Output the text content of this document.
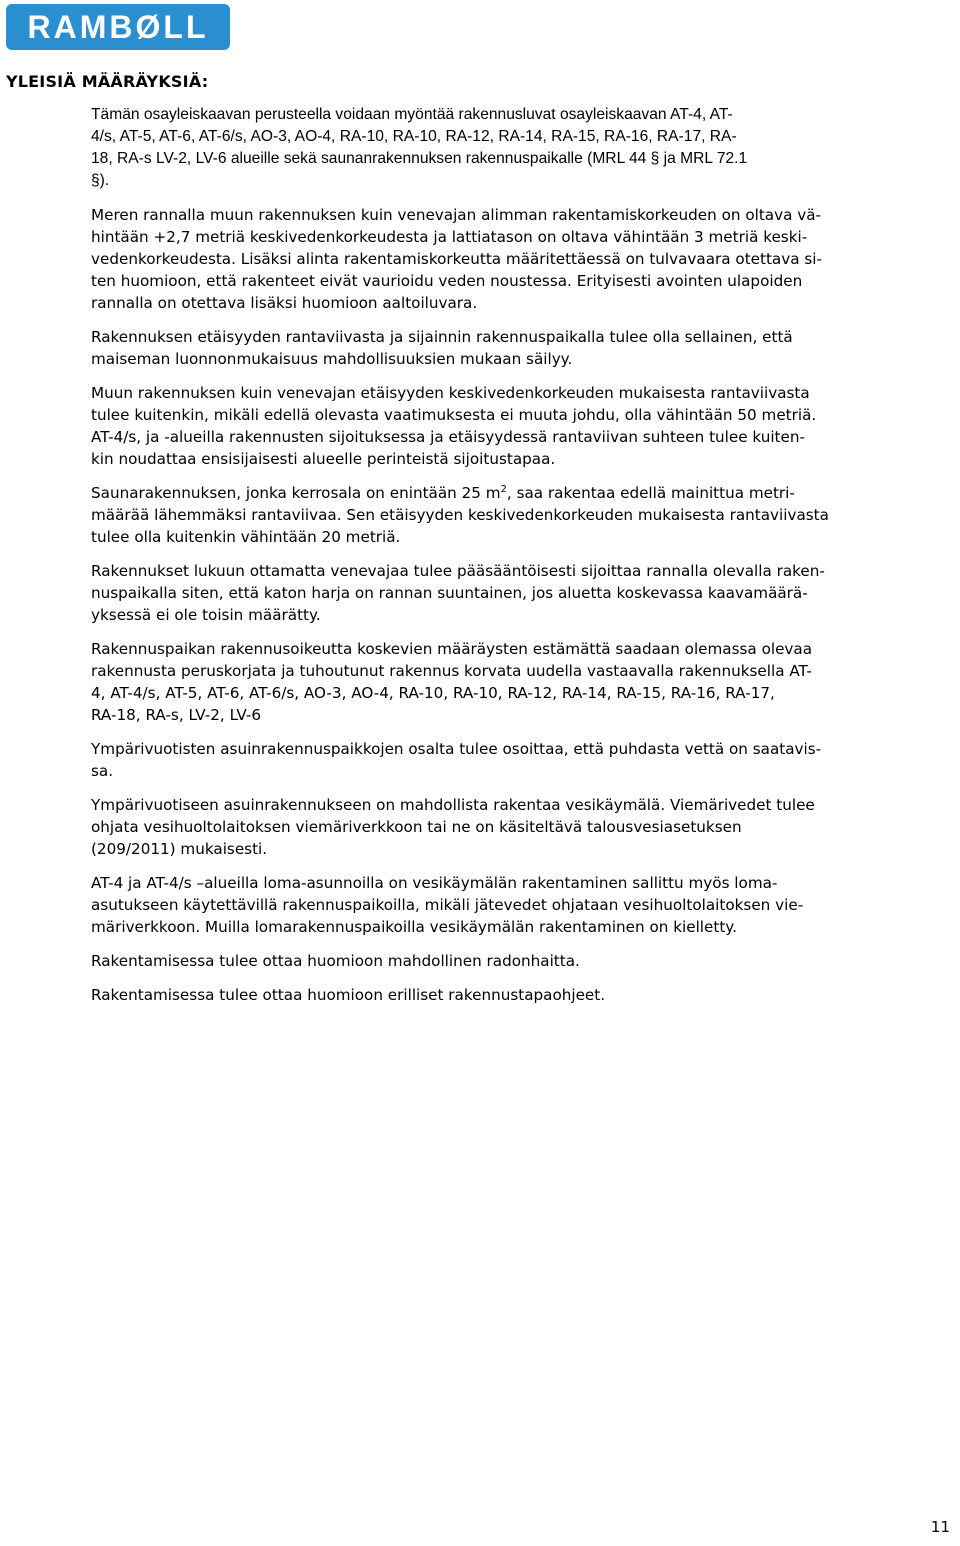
RAMBØLL
YLEISIÄ MÄÄRÄYKSIÄ:

Tämän osayleiskaavan perusteella voidaan myöntää rakennusluvat osayleiskaavan AT-4, AT-
4/s, AT-5, AT-6, AT-6/s, AO-3, AO-4, RA-10, RA-10, RA-12, RA-14, RA-15, RA-16, RA-17, RA-
18, RA-s LV-2, LV-6 alueille sekä saunanrakennuksen rakennuspaikalle (MRL 44 § ja MRL 72.1
§).

Meren rannalla muun rakennuksen kuin venevajan alimman rakentamiskorkeuden on oltava vä-
hintään +2,7 metriä keskivedenkorkeudesta ja lattiatason on oltava vähintään 3 metriä keski-
vedenkorkeudesta. Lisäksi alinta rakentamiskorkeutta määritettäessä on tulvavaara otettava si-
ten huomioon, että rakenteet eivät vaurioidu veden noustessa. Erityisesti avointen ulapoiden
rannalla on otettava lisäksi huomioon aaltoiluvara.

Rakennuksen etäisyyden rantaviivasta ja sijainnin rakennuspaikalla tulee olla sellainen, että
maiseman luonnonmukaisuus mahdollisuuksien mukaan säilyy.

Muun rakennuksen kuin venevajan etäisyyden keskivedenkorkeuden mukaisesta rantaviivasta
tulee kuitenkin, mikäli edellä olevasta vaatimuksesta ei muuta johdu, olla vähintään 50 metriä.
AT-4/s, ja -alueilla rakennusten sijoituksessa ja etäisyydessä rantaviivan suhteen tulee kuiten-
kin noudattaa ensisijaisesti alueelle perinteistä sijoitustapaa.

Saunarakennuksen, jonka kerrosala on enintään 25 $m^2$, saa rakentaa edellä mainittua metri-
määrää lähemmäksi rantaviivaa. Sen etäisyyden keskivedenkorkeuden mukaisesta rantaviivasta
tulee olla kuitenkin vähintään 20 metriä.

Rakennukset lukuun ottamatta venevajaa tulee pääsääntöisesti sijoittaa rannalla olevalla raken-
nuspaikalla siten, että katon harja on rannan suuntainen, jos aluetta koskevassa kaavamäärä-
yksessä ei ole toisin määrätty.

Rakennuspaikan rakennusoikeutta koskevien määräysten estämättä saadaan olemassa olevaa
rakennusta peruskorjata ja tuhoutunut rakennus korvata uudella vastaavalla rakennuksella AT-
4, AT-4/s, AT-5, AT-6, AT-6/s, AO-3, AO-4, RA-10, RA-10, RA-12, RA-14, RA-15, RA-16, RA-17,
RA-18, RA-s, LV-2, LV-6

Ympärivuotisten asuinrakennuspaikkojen osalta tulee osoittaa, että puhdasta vettä on saatavis-
sa.

Ympärivuotiseen asuinrakennukseen on mahdollista rakentaa vesikäymälä. Viemärivedet tulee
ohjata vesihuoltolaitoksen viemäriverkkoon tai ne on käsiteltävä talousvesiasetuksen
(209/2011) mukaisesti.

AT-4 ja AT-4/s –alueilla loma-asunnoilla on vesikäymälän rakentaminen sallittu myös loma-
asutukseen käytettävillä rakennuspaikoilla, mikäli jätevedet ohjataan vesihuoltolaitoksen vie-
märiverkkoon. Muilla lomarakennuspaikoilla vesikäymälän rakentaminen on kielletty.

Rakentamisessa tulee ottaa huomioon mahdollinen radonhaitta.

Rakentamisessa tulee ottaa huomioon erilliset rakennustapaohjeet.

11
